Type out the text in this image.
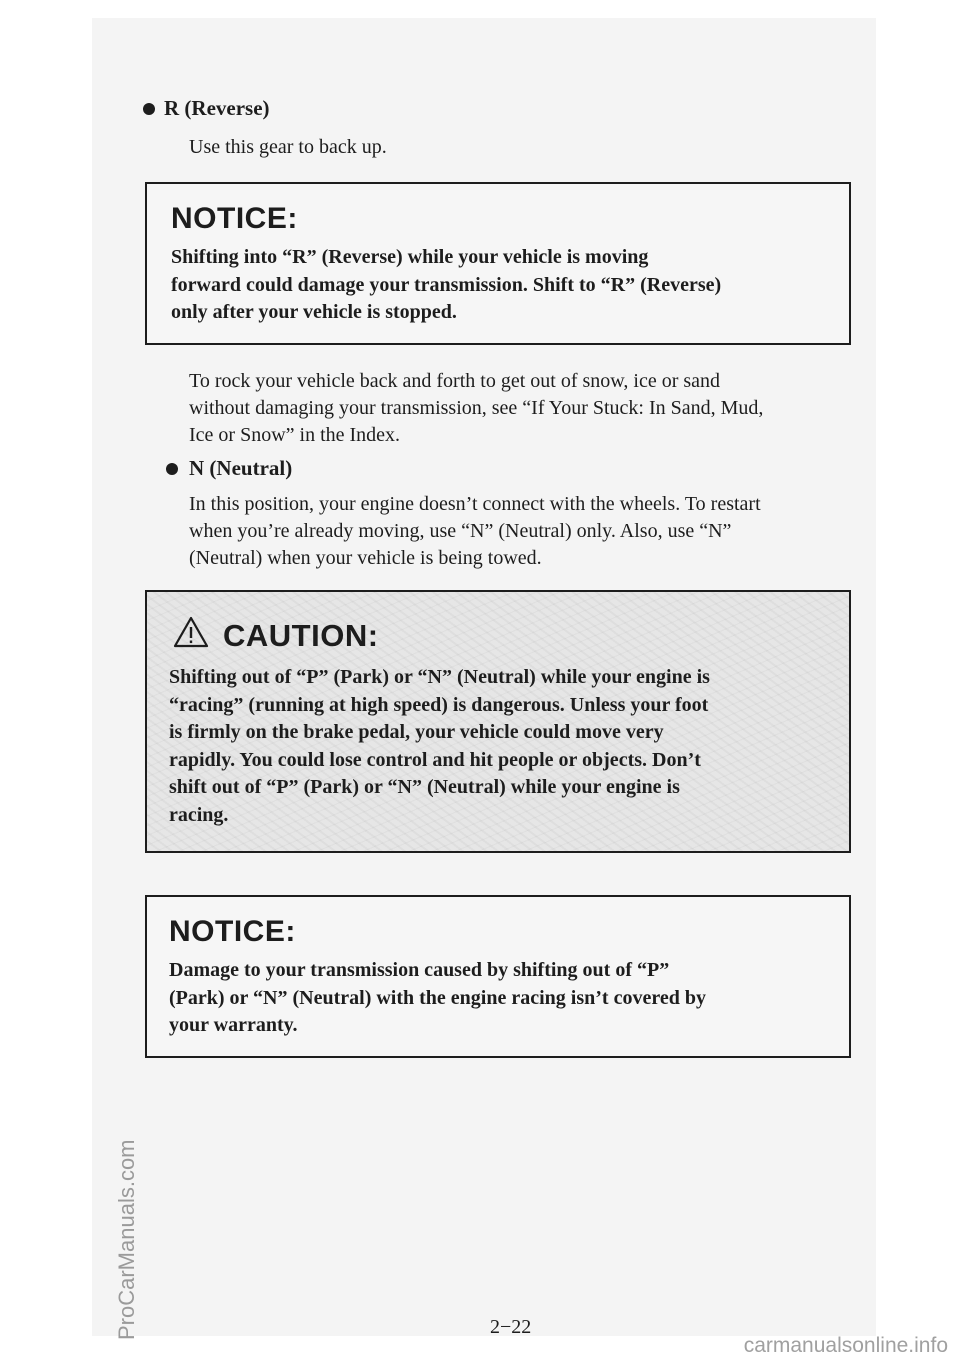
R (Reverse)
Use this gear to back up.
NOTICE:
Shifting into “R” (Reverse) while your vehicle is moving
forward could damage your transmission. Shift to “R” (Reverse)
only after your vehicle is stopped.
To rock your vehicle back and forth to get out of snow, ice or sand
without damaging your transmission, see “If Your Stuck: In Sand, Mud,
Ice or Snow” in the Index.
N (Neutral)
In this position, your engine doesn’t connect with the wheels. To restart
when you’re already moving, use “N” (Neutral) only. Also, use “N”
(Neutral) when your vehicle is being towed.
CAUTION:
Shifting out of “P” (Park) or “N” (Neutral) while your engine is
“racing” (running at high speed) is dangerous. Unless your foot
is firmly on the brake pedal, your vehicle could move very
rapidly. You could lose control and hit people or objects. Don’t
shift out of “P” (Park) or “N” (Neutral) while your engine is
racing.
NOTICE:
Damage to your transmission caused by shifting out of “P”
(Park) or “N” (Neutral) with the engine racing isn’t covered by
your warranty.
2−22
ProCarManuals.com
carmanualsonline.info
